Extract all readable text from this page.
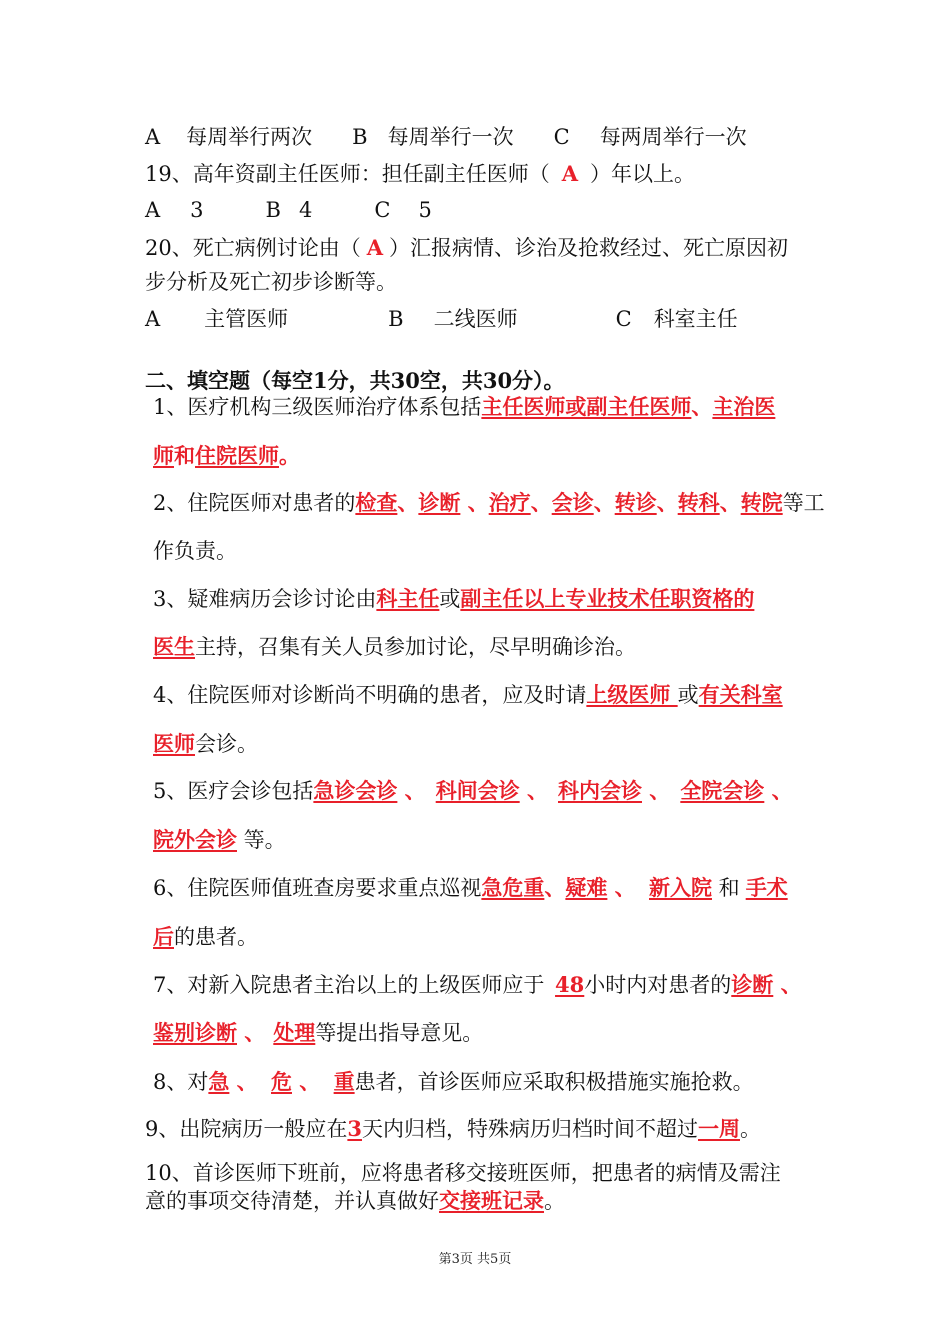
A 每周举行两次 B 每周举行一次 C 每两周举行一次
19、高年资副主任医师：担任副主任医师（ A ）年以上。
A 3	B 4	C 5
20、死亡病例讨论由（ A ）汇报病情、诊治及抢救经过、死亡原因初
步分析及死亡初步诊断等。
A 主管医师	B 二线医师	C 科室主任
二、填空题（每空1分，共30空，共30分）。
1、医疗机构三级医师治疗体系包括主任医师或副主任医师、主治医
师和住院医师。
2、住院医师对患者的检查、诊断 、治疗、会诊、转诊、转科、转院等工
作负责。
3、疑难病历会诊讨论由科主任或副主任以上专业技术任职资格的
医生主持，召集有关人员参加讨论，尽早明确诊治。
4、住院医师对诊断尚不明确的患者，应及时请上级医师 或有关科室
医师会诊。
5、医疗会诊包括急诊会诊 、 科间会诊 、 科内会诊 、 全院会诊 、
院外会诊 等。
6、住院医师值班查房要求重点巡视急危重、疑难 、 新入院 和 手术
后的患者。
7、对新入院患者主治以上的上级医师应于 48小时内对患者的诊断 、
鉴别诊断 、 处理等提出指导意见。
8、对急 、 危 、 重患者，首诊医师应采取积极措施实施抢救。
9、出院病历一般应在3天内归档，特殊病历归档时间不超过一周。
10、首诊医师下班前，应将患者移交接班医师，把患者的病情及需注
意的事项交待清楚，并认真做好交接班记录。
第3页 共5页
